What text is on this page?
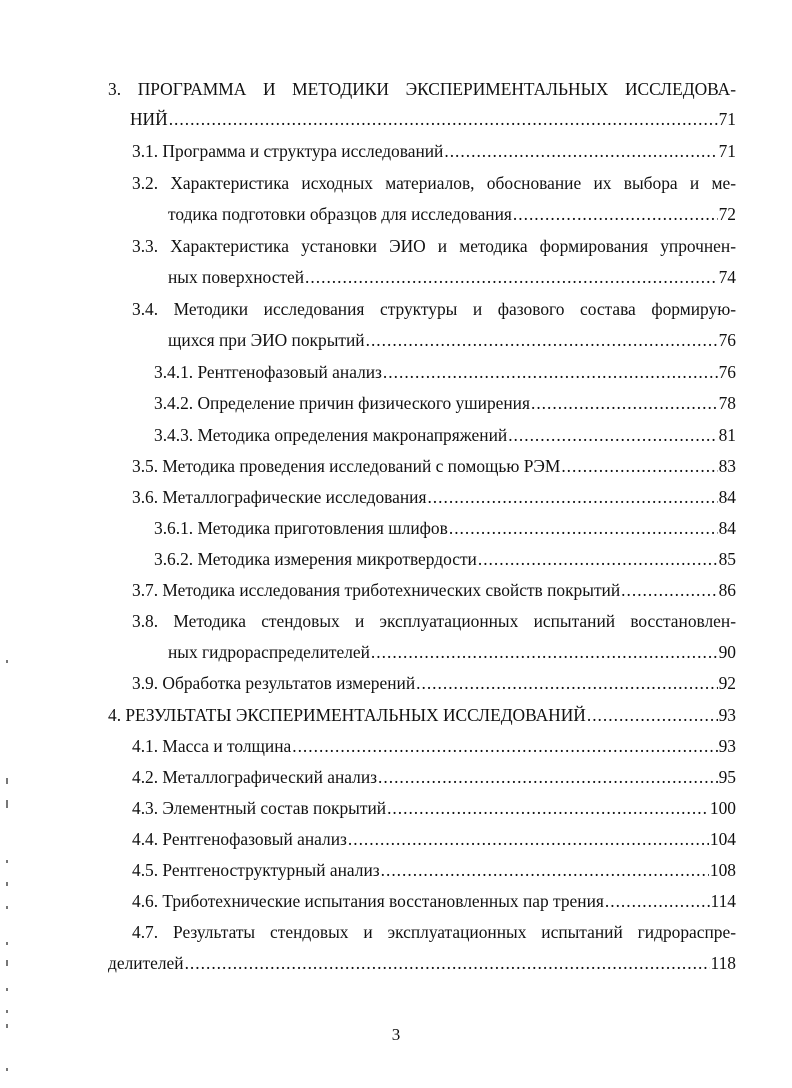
3. ПРОГРАММА И МЕТОДИКИ ЭКСПЕРИМЕНТАЛЬНЫХ ИССЛЕДОВА-
НИЙ .....	71
3.1. Программа и структура исследований .....	71
3.2. Характеристика исходных материалов, обоснование их выбора и ме-
тодика подготовки образцов для исследования .....	72
3.3. Характеристика установки ЭИО и методика формирования упрочнен-
ных поверхностей .....	74
3.4. Методики исследования структуры и фазового состава формирую-
щихся при ЭИО покрытий .....	76
3.4.1. Рентгенофазовый анализ .....	76
3.4.2. Определение причин физического уширения .....	78
3.4.3. Методика определения макронапряжений .....	81
3.5. Методика проведения исследований с помощью РЭМ .....	83
3.6. Металлографические исследования .....	84
3.6.1. Методика приготовления шлифов .....	84
3.6.2. Методика измерения микротвердости .....	85
3.7. Методика исследования триботехнических свойств покрытий .....	86
3.8. Методика стендовых и эксплуатационных испытаний восстановлен-
ных гидрораспределителей .....	90
3.9. Обработка результатов измерений .....	92
4. РЕЗУЛЬТАТЫ ЭКСПЕРИМЕНТАЛЬНЫХ ИССЛЕДОВАНИЙ .....	93
4.1. Масса и толщина .....	93
4.2. Металлографический анализ .....	95
4.3. Элементный состав покрытий .....	100
4.4. Рентгенофазовый анализ .....	104
4.5. Рентгеноструктурный анализ .....	108
4.6. Триботехнические испытания восстановленных пар трения .....	114
4.7. Результаты стендовых и эксплуатационных испытаний гидрораспре-
делителей .....	118
3
